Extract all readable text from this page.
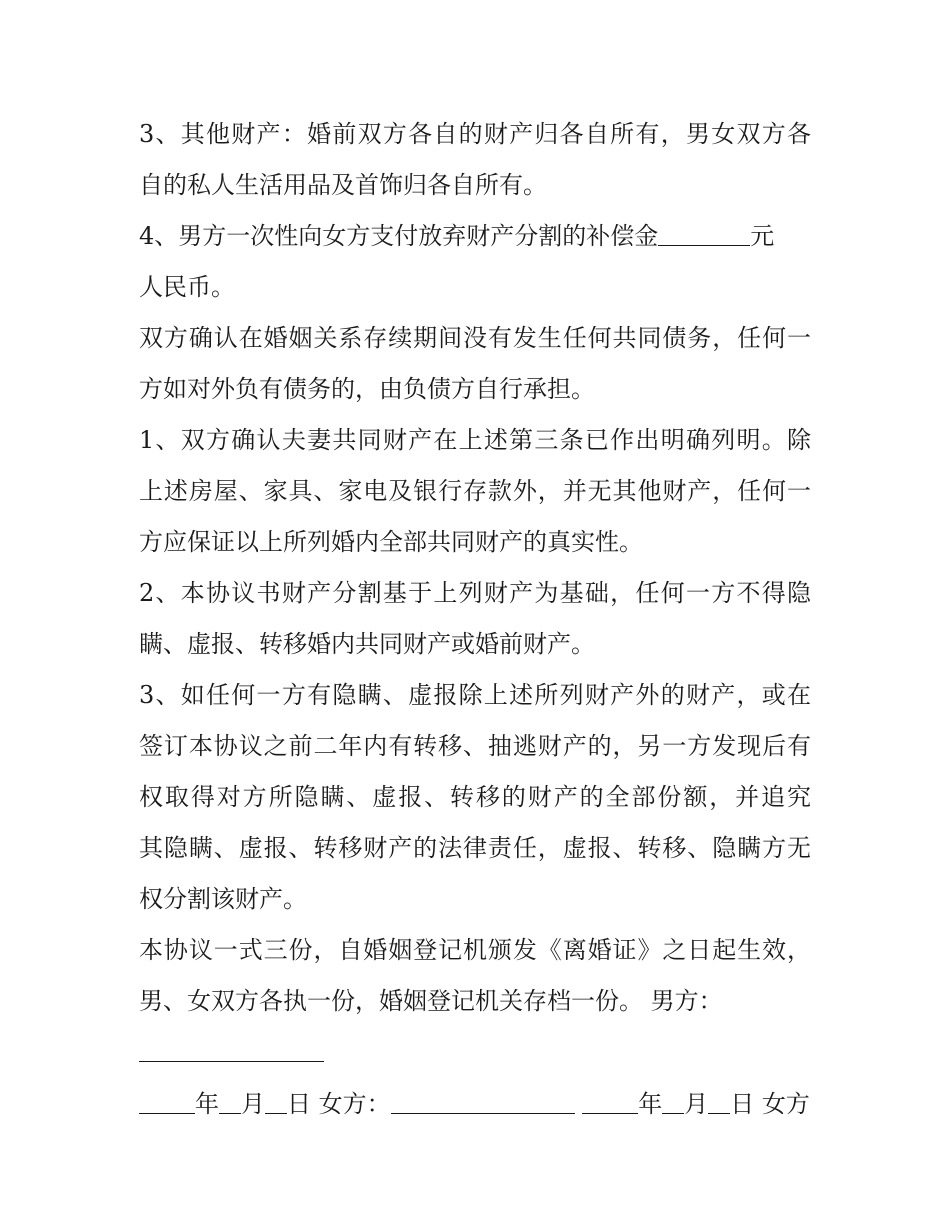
3、其他财产：婚前双方各自的财产归各自所有，男女双方各
自的私人生活用品及首饰归各自所有。

4、男方一次性向女方支付放弃财产分割的补偿金	元
人民币。

双方确认在婚姻关系存续期间没有发生任何共同债务，任何一
方如对外负有债务的，由负债方自行承担。

1、双方确认夫妻共同财产在上述第三条已作出明确列明。除
上述房屋、家具、家电及银行存款外，并无其他财产，任何一
方应保证以上所列婚内全部共同财产的真实性。

2、本协议书财产分割基于上列财产为基础，任何一方不得隐
瞒、虚报、转移婚内共同财产或婚前财产。

3、如任何一方有隐瞒、虚报除上述所列财产外的财产，或在
签订本协议之前二年内有转移、抽逃财产的，另一方发现后有
权取得对方所隐瞒、虚报、转移的财产的全部份额，并追究
其隐瞒、虚报、转移财产的法律责任，虚报、转移、隐瞒方无
权分割该财产。

本协议一式三份，自婚姻登记机颁发《离婚证》之日起生效，
男、女双方各执一份，婚姻登记机关存档一份。 男方：

年 月 日 女方：	年 月 日 女方
